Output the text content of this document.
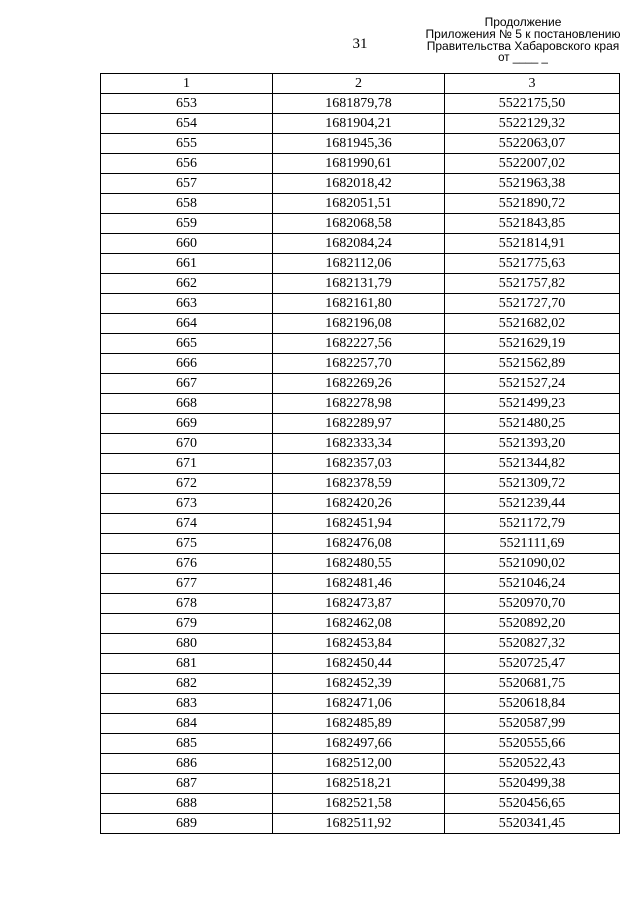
31
Продолжение
Приложения № 5 к постановлению
Правительства Хабаровского края
от ____ _
1	2	3
653	1681879,78	5522175,50
654	1681904,21	5522129,32
655	1681945,36	5522063,07
656	1681990,61	5522007,02
657	1682018,42	5521963,38
658	1682051,51	5521890,72
659	1682068,58	5521843,85
660	1682084,24	5521814,91
661	1682112,06	5521775,63
662	1682131,79	5521757,82
663	1682161,80	5521727,70
664	1682196,08	5521682,02
665	1682227,56	5521629,19
666	1682257,70	5521562,89
667	1682269,26	5521527,24
668	1682278,98	5521499,23
669	1682289,97	5521480,25
670	1682333,34	5521393,20
671	1682357,03	5521344,82
672	1682378,59	5521309,72
673	1682420,26	5521239,44
674	1682451,94	5521172,79
675	1682476,08	5521111,69
676	1682480,55	5521090,02
677	1682481,46	5521046,24
678	1682473,87	5520970,70
679	1682462,08	5520892,20
680	1682453,84	5520827,32
681	1682450,44	5520725,47
682	1682452,39	5520681,75
683	1682471,06	5520618,84
684	1682485,89	5520587,99
685	1682497,66	5520555,66
686	1682512,00	5520522,43
687	1682518,21	5520499,38
688	1682521,58	5520456,65
689	1682511,92	5520341,45
